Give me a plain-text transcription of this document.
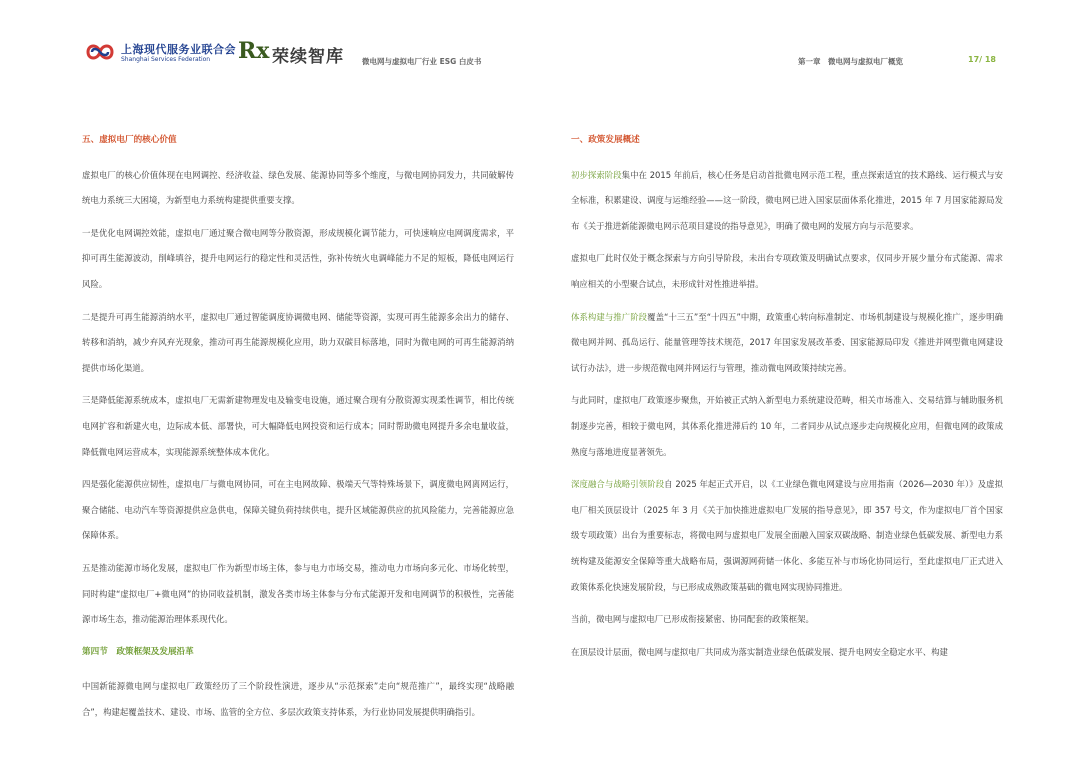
上海现代服务业联合会
Shanghai Services Federation Rx 荣续智库 微电网与虚拟电厂行业 ESG 白皮书	第一章　微电网与虚拟电厂概览	17/ 18
五、虚拟电厂的核心价值
虚拟电厂的核心价值体现在电网调控、经济收益、绿色发展、能源协同等多个维度，与微电网协同发力，共同破解传统电力系统三大困境，为新型电力系统构建提供重要支撑。
一是优化电网调控效能，虚拟电厂通过聚合微电网等分散资源，形成规模化调节能力，可快速响应电网调度需求，平抑可再生能源波动，削峰填谷，提升电网运行的稳定性和灵活性，弥补传统火电调峰能力不足的短板，降低电网运行风险。
二是提升可再生能源消纳水平，虚拟电厂通过智能调度协调微电网、储能等资源，实现可再生能源多余出力的储存、转移和消纳，减少弃风弃光现象，推动可再生能源规模化应用，助力双碳目标落地，同时为微电网的可再生能源消纳提供市场化渠道。
三是降低能源系统成本，虚拟电厂无需新建物理发电及输变电设施，通过聚合现有分散资源实现柔性调节，相比传统电网扩容和新建火电，边际成本低、部署快，可大幅降低电网投资和运行成本；同时帮助微电网提升多余电量收益，降低微电网运营成本，实现能源系统整体成本优化。
四是强化能源供应韧性，虚拟电厂与微电网协同，可在主电网故障、极端天气等特殊场景下，调度微电网离网运行，聚合储能、电动汽车等资源提供应急供电，保障关键负荷持续供电，提升区域能源供应的抗风险能力，完善能源应急保障体系。
五是推动能源市场化发展，虚拟电厂作为新型市场主体，参与电力市场交易，推动电力市场向多元化、市场化转型，同时构建“虚拟电厂+微电网”的协同收益机制，激发各类市场主体参与分布式能源开发和电网调节的积极性，完善能源市场生态，推动能源治理体系现代化。
第四节　政策框架及发展沿革
中国新能源微电网与虚拟电厂政策经历了三个阶段性演进，逐步从“示范探索”走向“规范推广”，最终实现“战略融合”，构建起覆盖技术、建设、市场、监管的全方位、多层次政策支持体系，为行业协同发展提供明确指引。
一、政策发展概述
初步探索阶段集中在 2015 年前后，核心任务是启动首批微电网示范工程，重点探索适宜的技术路线、运行模式与安全标准，积累建设、调度与运维经验——这一阶段，微电网已进入国家层面体系化推进，2015 年 7 月国家能源局发布《关于推进新能源微电网示范项目建设的指导意见》，明确了微电网的发展方向与示范要求。
虚拟电厂此时仅处于概念探索与方向引导阶段，未出台专项政策及明确试点要求，仅同步开展少量分布式能源、需求响应相关的小型聚合试点，未形成针对性推进举措。
体系构建与推广阶段覆盖“十三五”至“十四五”中期，政策重心转向标准制定、市场机制建设与规模化推广，逐步明确微电网并网、孤岛运行、能量管理等技术规范，2017 年国家发展改革委、国家能源局印发《推进并网型微电网建设试行办法》，进一步规范微电网并网运行与管理，推动微电网政策持续完善。
与此同时，虚拟电厂政策逐步聚焦，开始被正式纳入新型电力系统建设范畴，相关市场准入、交易结算与辅助服务机制逐步完善，相较于微电网，其体系化推进滞后约 10 年，二者同步从试点逐步走向规模化应用，但微电网的政策成熟度与落地进度显著领先。
深度融合与战略引领阶段自 2025 年起正式开启，以《工业绿色微电网建设与应用指南（2026—2030 年）》及虚拟电厂相关顶层设计（2025 年 3 月《关于加快推进虚拟电厂发展的指导意见》，即 357 号文，作为虚拟电厂首个国家级专项政策）出台为重要标志，将微电网与虚拟电厂发展全面融入国家双碳战略、制造业绿色低碳发展、新型电力系统构建及能源安全保障等重大战略布局，强调源网荷储一体化、多能互补与市场化协同运行，至此虚拟电厂正式进入政策体系化快速发展阶段，与已形成成熟政策基础的微电网实现协同推进。
当前，微电网与虚拟电厂已形成衔接紧密、协同配套的政策框架。
在顶层设计层面，微电网与虚拟电厂共同成为落实制造业绿色低碳发展、提升电网安全稳定水平、构建
